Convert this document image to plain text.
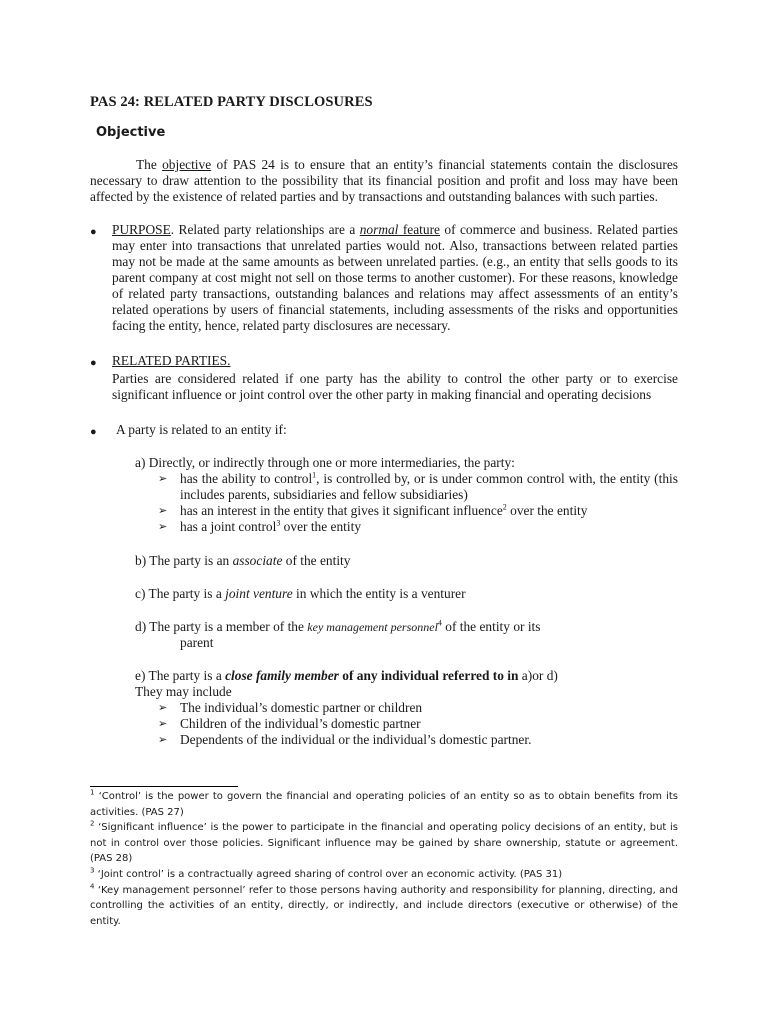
PAS 24: RELATED PARTY DISCLOSURES
Objective
The objective of PAS 24 is to ensure that an entity’s financial statements contain the disclosures necessary to draw attention to the possibility that its financial position and profit and loss may have been affected by the existence of related parties and by transactions and outstanding balances with such parties.
● PURPOSE. Related party relationships are a normal feature of commerce and business. Related parties may enter into transactions that unrelated parties would not. Also, transactions between related parties may not be made at the same amounts as between unrelated parties. (e.g., an entity that sells goods to its parent company at cost might not sell on those terms to another customer). For these reasons, knowledge of related party transactions, outstanding balances and relations may affect assessments of an entity’s related operations by users of financial statements, including assessments of the risks and opportunities facing the entity, hence, related party disclosures are necessary.
● RELATED PARTIES.
Parties are considered related if one party has the ability to control the other party or to exercise significant influence or joint control over the other party in making financial and operating decisions
● A party is related to an entity if:
a) Directly, or indirectly through one or more intermediaries, the party:
➢ has the ability to control$^1$, is controlled by, or is under common control with, the entity (this includes parents, subsidiaries and fellow subsidiaries)
➢ has an interest in the entity that gives it significant influence$^2$ over the entity
➢ has a joint control$^3$ over the entity
b) The party is an associate of the entity
c) The party is a joint venture in which the entity is a venturer
d) The party is a member of the key management personnel$^4$ of the entity or its
parent
e) The party is a close family member of any individual referred to in a)or d)
They may include
➢ The individual’s domestic partner or children
➢ Children of the individual’s domestic partner
➢ Dependents of the individual or the individual’s domestic partner.
$^1$ ‘Control’ is the power to govern the financial and operating policies of an entity so as to obtain benefits from its activities. (PAS 27)
$^2$ ‘Significant influence’ is the power to participate in the financial and operating policy decisions of an entity, but is not in control over those policies. Significant influence may be gained by share ownership, statute or agreement. (PAS 28)
$^3$ ‘Joint control’ is a contractually agreed sharing of control over an economic activity. (PAS 31)
$^4$ ‘Key management personnel’ refer to those persons having authority and responsibility for planning, directing, and controlling the activities of an entity, directly, or indirectly, and include directors (executive or otherwise) of the entity.
